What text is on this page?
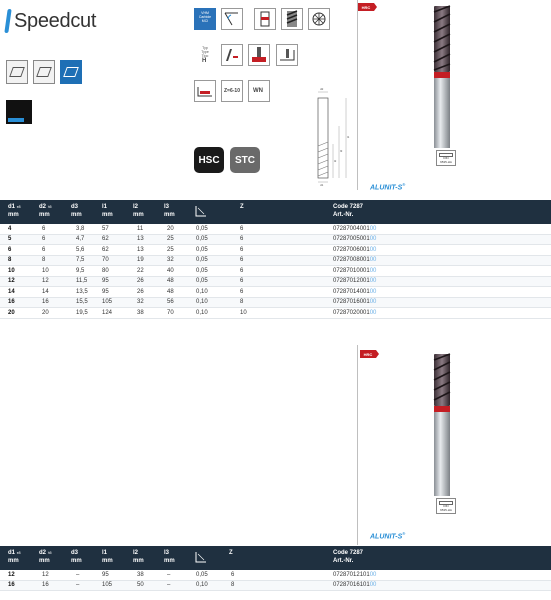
Speedcut	VHM
Carbide
MCI
Typ
Type
Tipo
H
Z=6-10 WN
HSC	STC
d2
l1
l3
l2
d1
HRC
DIN
6535-HA
ALUNIT-S®
d1 e8
mm
d2 h5
mm
d3
mm
l1
mm
l2
mm
l3
mm
Z	Code 7287
Art.-Nr.
4	6	3,8	57	11	20	0,05	6	0728700400100
5	6	4,7	62	13	25	0,05	6	0728700500100
6	6	5,6	62	13	25	0,05	6	0728700600100
8	8	7,5	70	19	32	0,05	6	0728700800100
10	10	9,5	80	22	40	0,05	6	0728701000100
12	12	11,5 95	26	48	0,05	6	0728701200100
14	14	13,5 95	26	48	0,10	6	0728701400100
16	16	15,5 105	32	56	0,10	8	0728701600100
20	20	19,5 124	38	70	0,10	10	0728702000100
HRC
DIN
6535-HA
ALUNIT-S®
d1 e8
mm
d2 h5
mm
d3
mm
l1
mm
l2
mm
l3
mm
Z	Code 7287
Art.-Nr.
12	12	–	95	38	–	0,05	6	0728701210100
16	16	–	105	50	–	0,10	8	0728701610100
